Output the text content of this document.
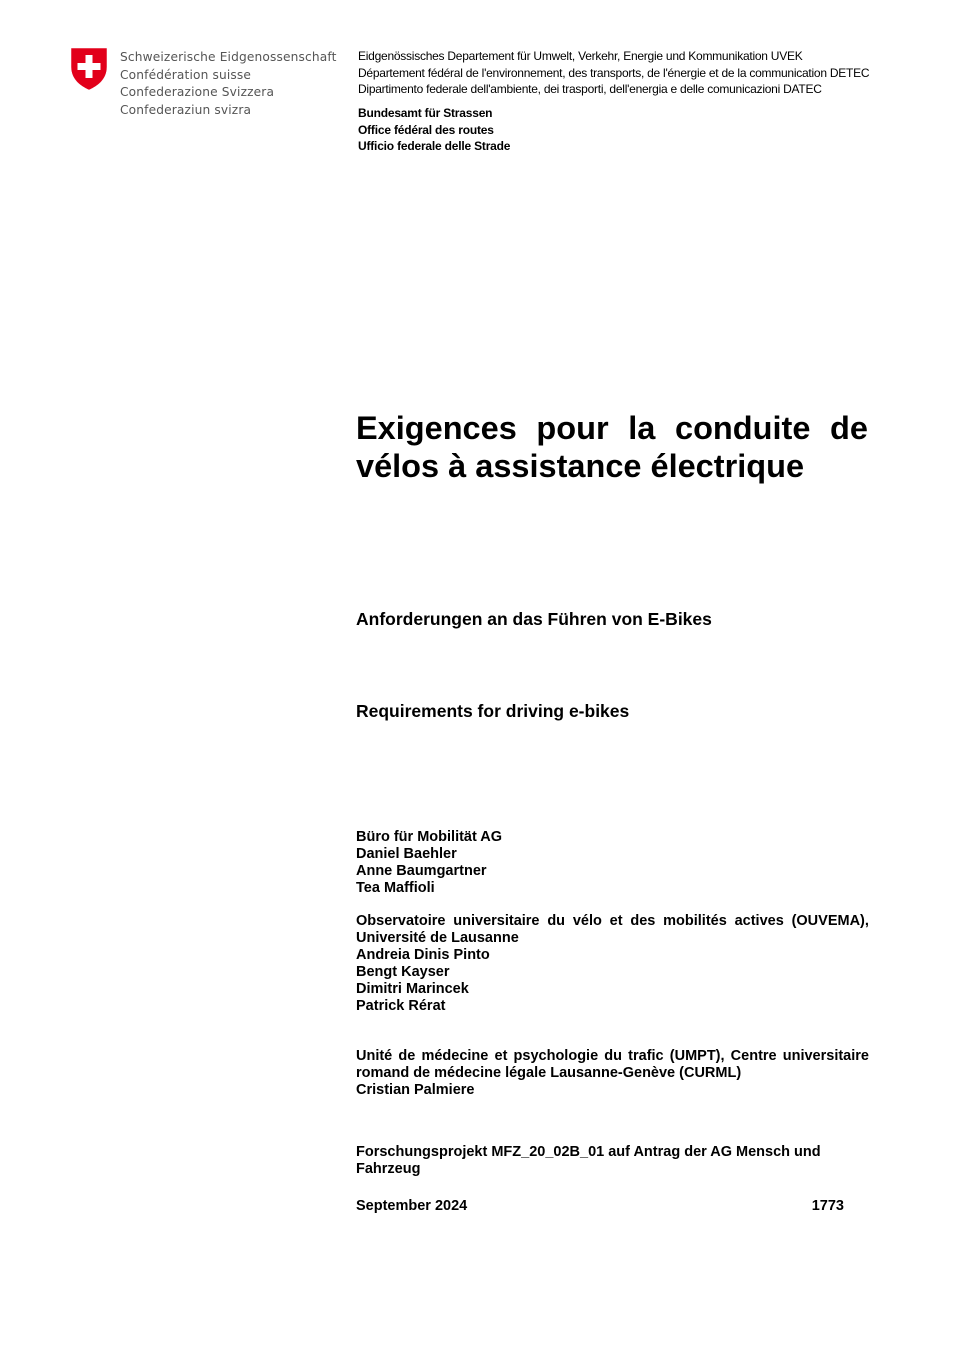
Schweizerische Eidgenossenschaft
Confédération suisse
Confederazione Svizzera
Confederaziun svizra
Eidgenössisches Departement für Umwelt, Verkehr, Energie und Kommunikation UVEK
Département fédéral de l'environnement, des transports, de l'énergie et de la communication DETEC
Dipartimento federale dell'ambiente, dei trasporti, dell'energia e delle comunicazioni DATEC
Bundesamt für Strassen
Office fédéral des routes
Ufficio federale delle Strade
Exigences pour la conduite de
vélos à assistance électrique
Anforderungen an das Führen von E-Bikes
Requirements for driving e-bikes
Büro für Mobilität AG
Daniel Baehler
Anne Baumgartner
Tea Maffioli
Observatoire universitaire du vélo et des mobilités actives (OUVEMA),
Université de Lausanne
Andreia Dinis Pinto
Bengt Kayser
Dimitri Marincek
Patrick Rérat
Unité de médecine et psychologie du trafic (UMPT), Centre universitaire
romand de médecine légale Lausanne-Genève (CURML)
Cristian Palmiere
Forschungsprojekt MFZ_20_02B_01 auf Antrag der AG Mensch und
Fahrzeug
September 2024	1773
